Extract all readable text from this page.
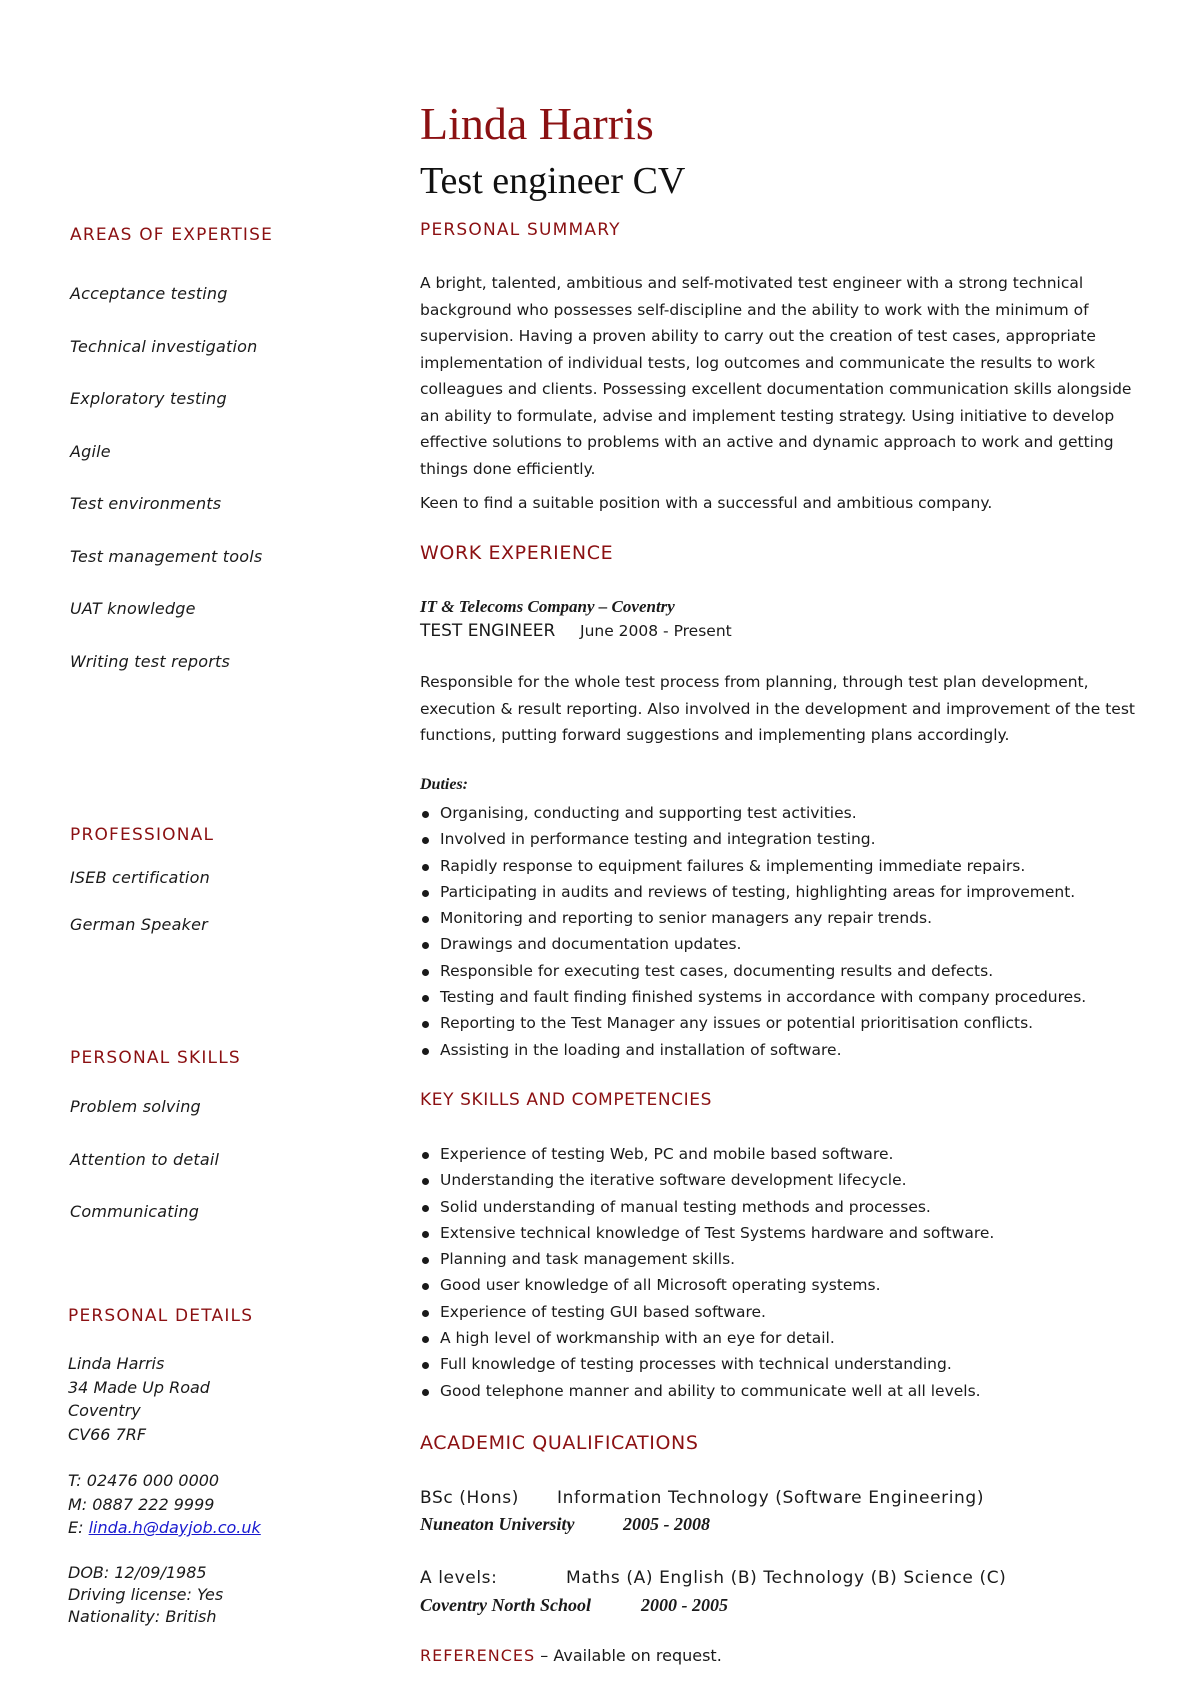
Linda Harris
Test engineer CV
AREAS OF EXPERTISE

Acceptance testing

Technical investigation

Exploratory testing

Agile

Test environments

Test management tools

UAT knowledge

Writing test reports

PROFESSIONAL

ISEB certification

German Speaker

PERSONAL SKILLS

Problem solving

Attention to detail

Communicating

PERSONAL DETAILS
Linda Harris
34 Made Up Road
Coventry
CV66 7RF
T: 02476 000 0000
M: 0887 222 9999
E: linda.h@dayjob.co.uk
DOB: 12/09/1985
Driving license: Yes
Nationality: British
PERSONAL SUMMARY

A bright, talented, ambitious and self-motivated test engineer with a strong technical background who possesses self-discipline and the ability to work with the minimum of supervision. Having a proven ability to carry out the creation of test cases, appropriate implementation of individual tests, log outcomes and communicate the results to work colleagues and clients. Possessing excellent documentation communication skills alongside an ability to formulate, advise and implement testing strategy. Using initiative to develop effective solutions to problems with an active and dynamic approach to work and getting things done efficiently.

Keen to find a suitable position with a successful and ambitious company.

WORK EXPERIENCE
IT & Telecoms Company – Coventry
TEST ENGINEER June 2008 - Present

Responsible for the whole test process from planning, through test plan development, execution & result reporting. Also involved in the development and improvement of the test functions, putting forward suggestions and implementing plans accordingly.

Duties:
Organising, conducting and supporting test activities.
Involved in performance testing and integration testing.
Rapidly response to equipment failures & implementing immediate repairs.
Participating in audits and reviews of testing, highlighting areas for improvement.
Monitoring and reporting to senior managers any repair trends.
Drawings and documentation updates.
Responsible for executing test cases, documenting results and defects.
Testing and fault finding finished systems in accordance with company procedures.
Reporting to the Test Manager any issues or potential prioritisation conflicts.
Assisting in the loading and installation of software.
KEY SKILLS AND COMPETENCIES
Experience of testing Web, PC and mobile based software.
Understanding the iterative software development lifecycle.
Solid understanding of manual testing methods and processes.
Extensive technical knowledge of Test Systems hardware and software.
Planning and task management skills.
Good user knowledge of all Microsoft operating systems.
Experience of testing GUI based software.
A high level of workmanship with an eye for detail.
Full knowledge of testing processes with technical understanding.
Good telephone manner and ability to communicate well at all levels.
ACADEMIC QUALIFICATIONS
BSc (Hons) Information Technology (Software Engineering)
Nuneaton University	2005 - 2008
A levels:	Maths (A) English (B) Technology (B) Science (C)
Coventry North School	2000 - 2005
REFERENCES – Available on request.
